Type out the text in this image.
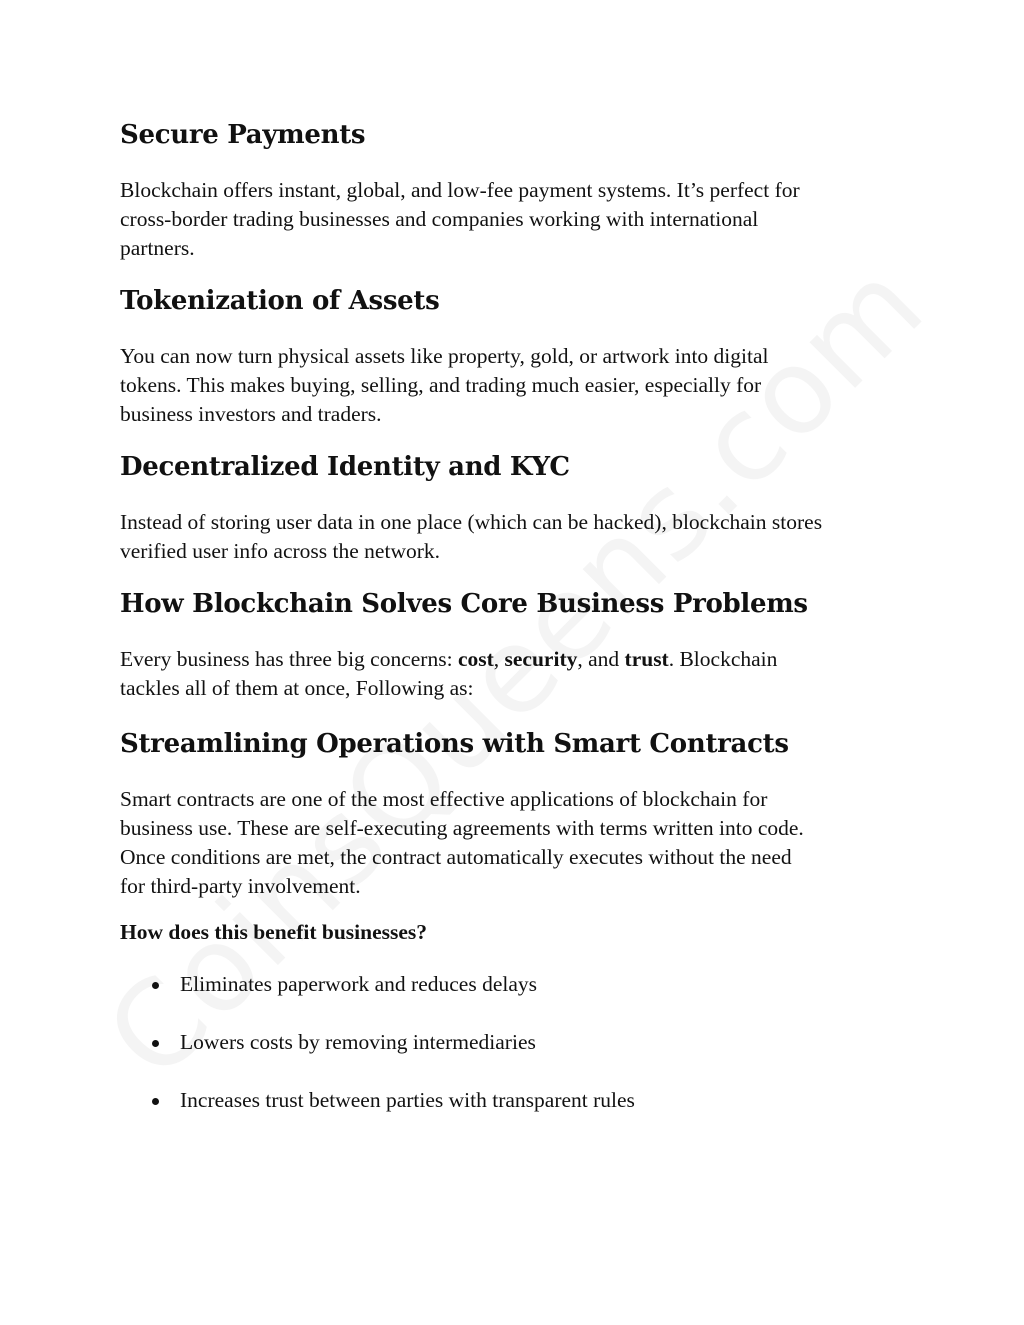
Secure Payments

Blockchain offers instant, global, and low-fee payment systems. It’s perfect for
cross-border trading businesses and companies working with international
partners.

Tokenization of Assets

You can now turn physical assets like property, gold, or artwork into digital
tokens. This makes buying, selling, and trading much easier, especially for
business investors and traders.

Decentralized Identity and KYC

Instead of storing user data in one place (which can be hacked), blockchain stores
verified user info across the network.

How Blockchain Solves Core Business Problems

Every business has three big concerns: cost, security, and trust. Blockchain
tackles all of them at once, Following as:

Streamlining Operations with Smart Contracts

Smart contracts are one of the most effective applications of blockchain for
business use. These are self-executing agreements with terms written into code.
Once conditions are met, the contract automatically executes without the need
for third-party involvement.

How does this benefit businesses?
Eliminates paperwork and reduces delays
Lowers costs by removing intermediaries
Increases trust between parties with transparent rules
